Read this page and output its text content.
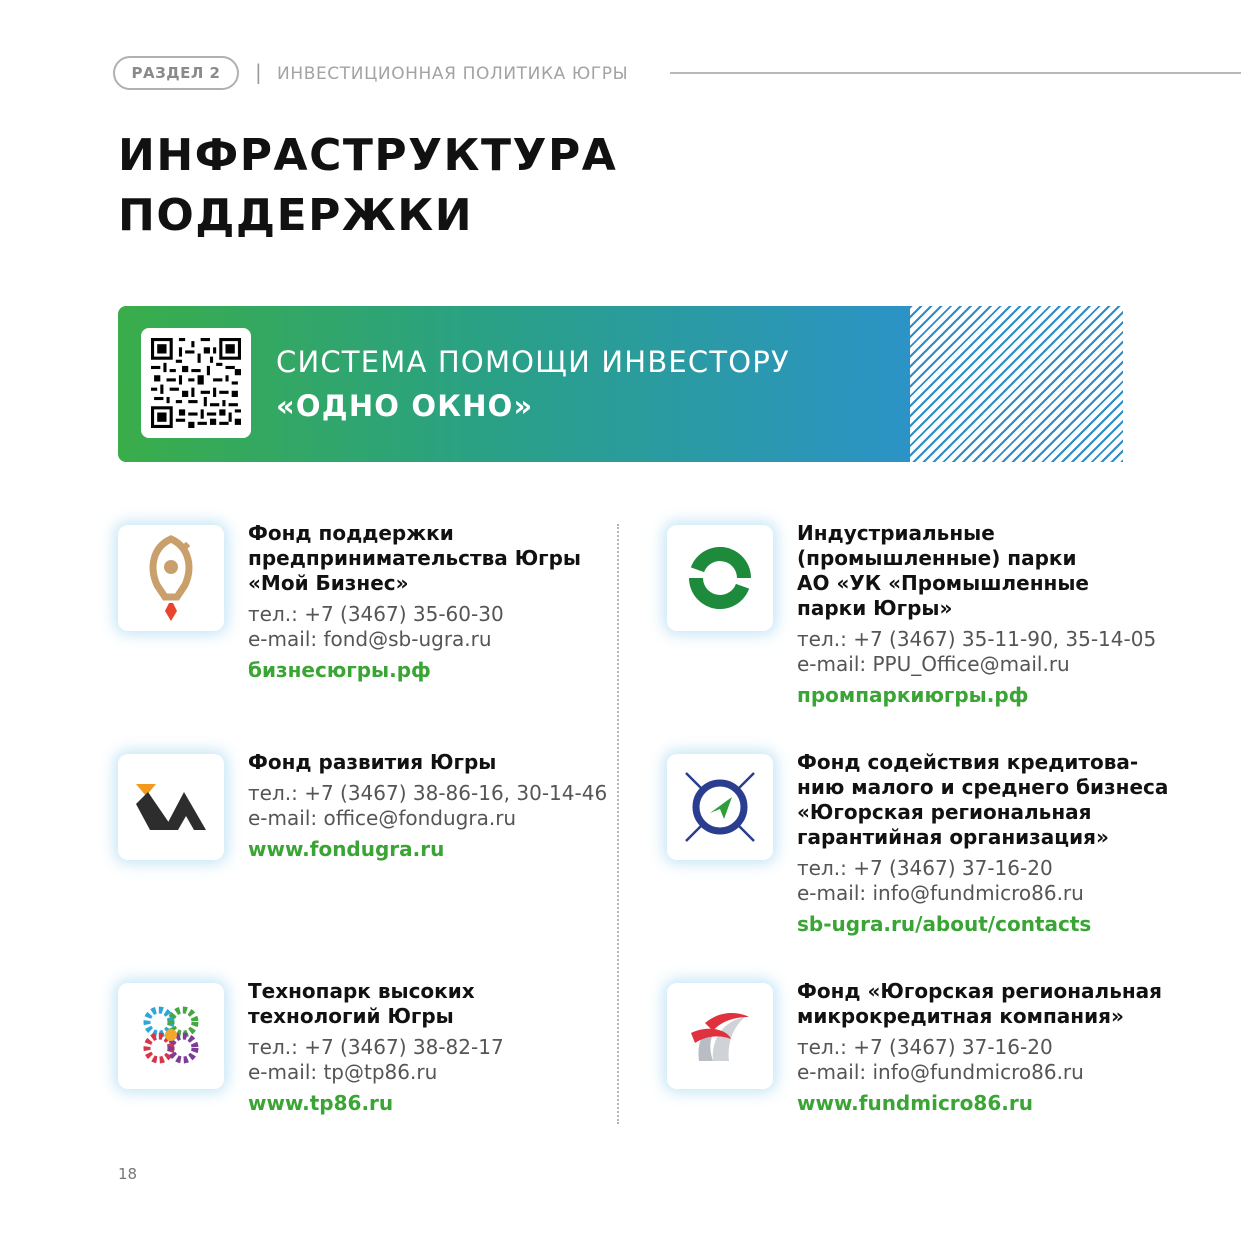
РАЗДЕЛ 2	| ИНВЕСТИЦИОННАЯ ПОЛИТИКА ЮГРЫ
ИНФРАСТРУКТУРА
ПОДДЕРЖКИ
СИСТЕМА ПОМОЩИ ИНВЕСТОРУ
«ОДНО ОКНО»
Фонд поддержки
предпринимательства Югры
«Мой Бизнес»
тел.: +7 (3467) 35-60-30
e-mail: fond@sb-ugra.ru
бизнесюгры.рф
Индустриальные
(промышленные) парки
АО «УК «Промышленные
парки Югры»
тел.: +7 (3467) 35-11-90, 35-14-05
e-mail: PPU_Office@mail.ru
промпаркиюгры.рф
Фонд развития Югры
тел.: +7 (3467) 38-86-16, 30-14-46
e-mail: office@fondugra.ru
www.fondugra.ru
Фонд содействия кредитова-
нию малого и среднего бизнеса
«Югорская региональная
гарантийная организация»
тел.: +7 (3467) 37-16-20
e-mail: info@fundmicro86.ru
sb-ugra.ru/about/contacts
Технопарк высоких
технологий Югры
тел.: +7 (3467) 38-82-17
e-mail: tp@tp86.ru
www.tp86.ru
Фонд «Югорская региональная
микрокредитная компания»
тел.: +7 (3467) 37-16-20
e-mail: info@fundmicro86.ru
www.fundmicro86.ru
18
